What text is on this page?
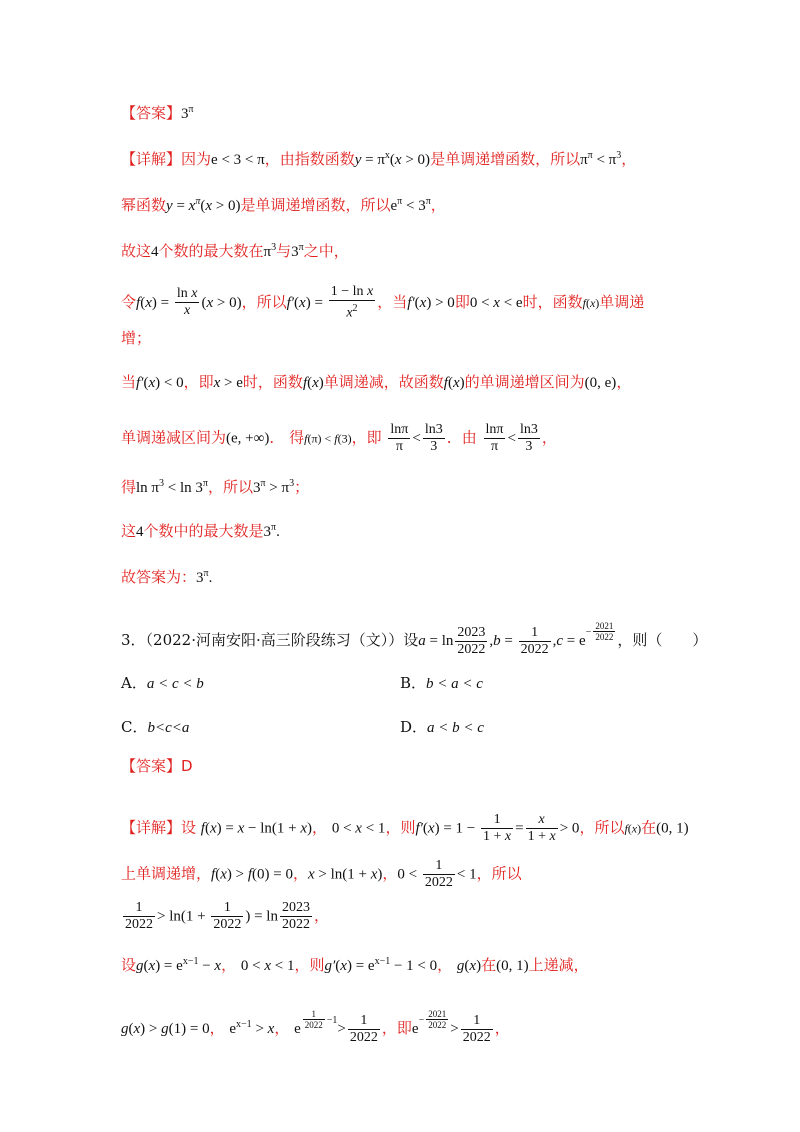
【答案】$3^\pi$
【详解】因为e < 3 < π，由指数函数$y = \pi^x(x > 0)$是单调递增函数，所以$\pi^\pi < \pi^3$，
幂函数$y = x^\pi(x > 0)$是单调递增函数，所以$e^\pi < 3^\pi$，
故这4个数的最大数在$\pi^3$与$3^\pi$之中，
令$f(x) = \frac{\text{ln x}}{x} (x > 0)$，所以$f'(x) = \frac{\text{1 − ln x}}{x^2}$ ，当f′(x) > 0即0 < x < e时，函数f(x)单调递
增；
当f′(x) < 0，即x > e时，函数f(x)单调递减，故函数f(x)的单调递增区间为(0, e)，
单调递减区间为(e, +∞)． 得f(π) < f(3)，即 $\frac{\ln\pi}{\pi} < \frac{\ln 3}{3}$ ．由 $\frac{\ln\pi}{\pi} < \frac{\ln 3}{3}$ ，
得$\ln \pi^3 < \ln 3^\pi$，所以$3^\pi > \pi^3$；
这4个数中的最大数是$3^\pi$.
故答案为：$3^\pi$.
3．（2022·河南安阳·高三阶段练习（文））设$a = \ln \frac{2023}{2022} ,b = \frac{1}{2022} ,c = e- \frac{2021}{2022}$ ，则（　　）
A．a < c < b	B．b < a < c
C．b<c<a	D．a < b < c
【答案】D
【详解】设 f(x) = x − ln(1 + x)， 0 < x < 1，则$f'(x) = 1 - \frac{1}{1 + x} = \frac{x}{1 + x} > 0$，所以f(x)在(0, 1)
上单调递增，f(x) > f(0) = 0，x > ln(1 + x)，$0 < \frac{1}{2022} < 1$，所以
$\frac{1}{2022} > \ln(1 + \frac{1}{2022}$ ) = $\ln \frac{2023}{2022}$ ，
设$g(x) = e^{x-1} - x$， 0 < x < 1，则$g'(x) = e^{x-1} - 1 < 0$， g(x)在(0, 1)上递减，
g(x) > g(1) = 0， $e^{x-1} > x$， e $\frac{1}{2022} -1> \frac{1}{2022}$ ，即$e- \frac{2021}{2022} > \frac{1}{2022}$ ，
